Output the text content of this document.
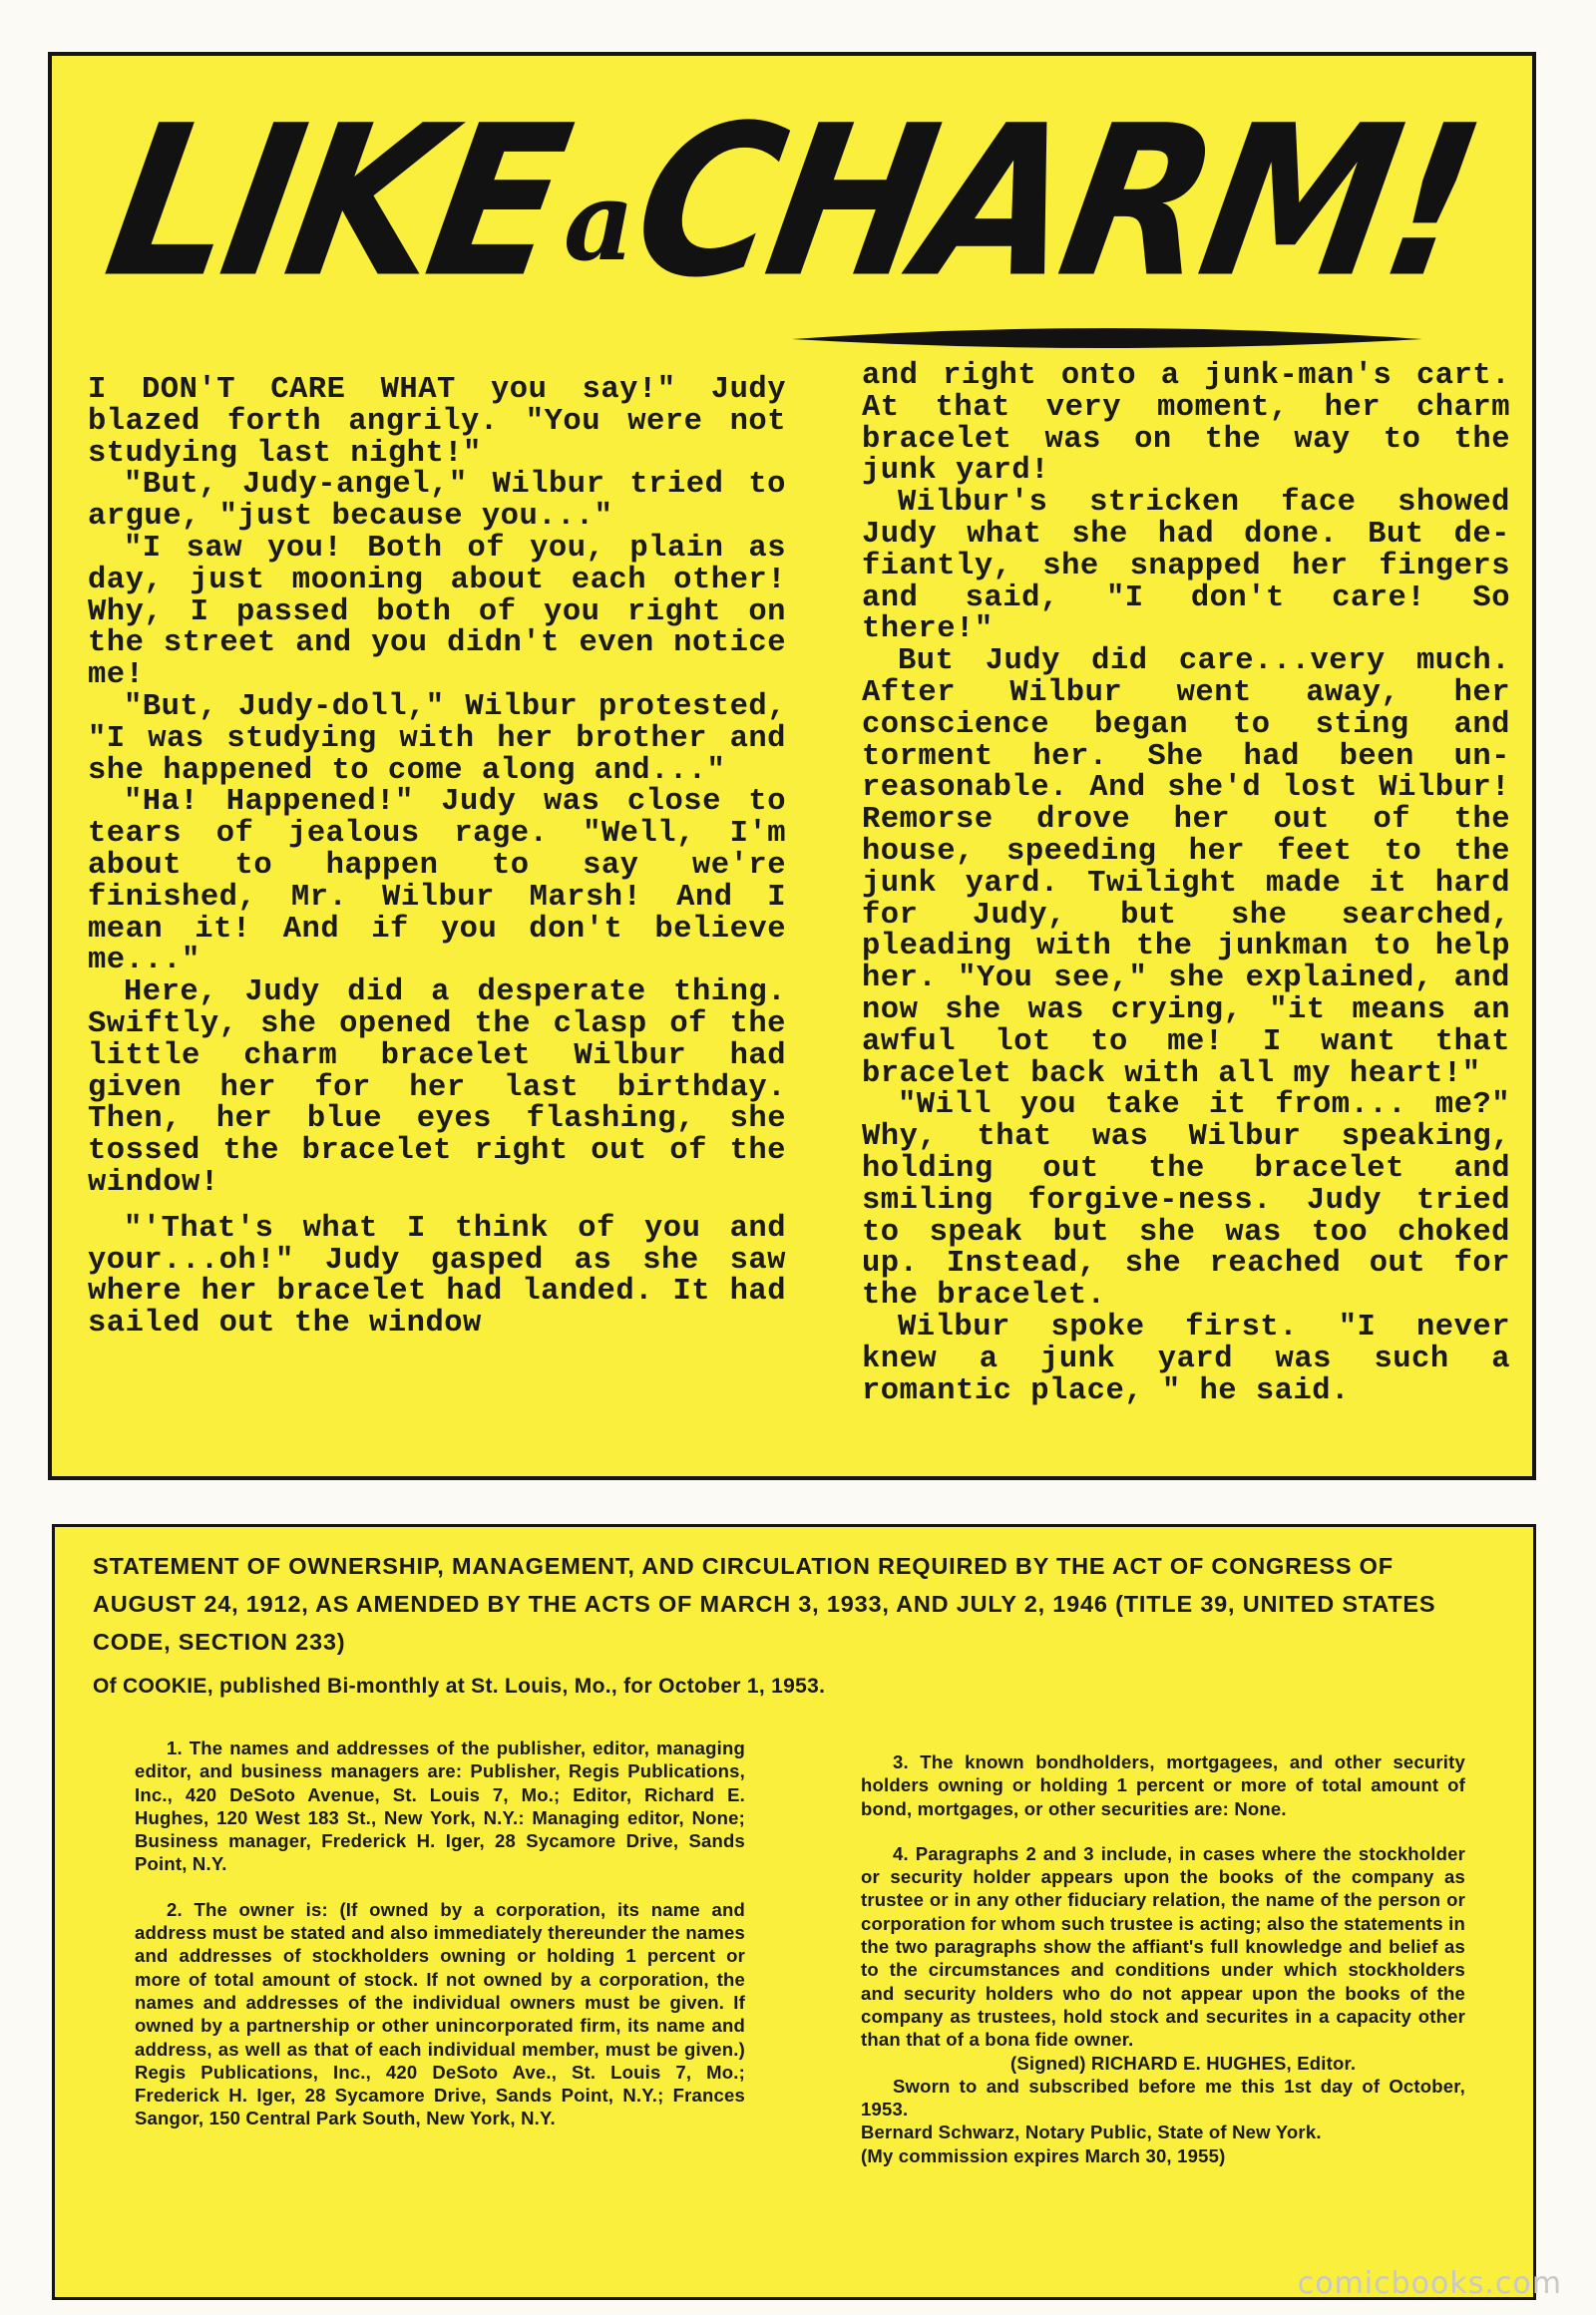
LIKEaCHARM!

I DON'T CARE WHAT you say!" Judy blazed forth angrily. "You were not studying last night!"

"But, Judy-angel," Wilbur tried to argue, "just because you..."

"I saw you! Both of you, plain as day, just mooning about each other! Why, I passed both of you right on the street and you didn't even notice me!

"But, Judy-doll," Wilbur protested, "I was studying with her brother and she happened to come along and..."

"Ha! Happened!" Judy was close to tears of jealous rage. "Well, I'm about to happen to say we're finished, Mr. Wilbur Marsh! And I mean it! And if you don't believe me..."

Here, Judy did a desperate thing. Swiftly, she opened the clasp of the little charm bracelet Wilbur had given her for her last birthday. Then, her blue eyes flashing, she tossed the bracelet right out of the window!

"'That's what I think of you and your...oh!" Judy gasped as she saw where her bracelet had landed. It had sailed out the window

and right onto a junk-man's cart. At that very moment, her charm bracelet was on the way to the junk yard!

Wilbur's stricken face showed Judy what she had done. But de-fiantly, she snapped her fingers and said, "I don't care! So there!"

But Judy did care...very much. After Wilbur went away, her conscience began to sting and torment her. She had been un-reasonable. And she'd lost Wilbur! Remorse drove her out of the house, speeding her feet to the junk yard. Twilight made it hard for Judy, but she searched, pleading with the junkman to help her. "You see," she explained, and now she was crying, "it means an awful lot to me! I want that bracelet back with all my heart!"

"Will you take it from... me?" Why, that was Wilbur speaking, holding out the bracelet and smiling forgive-ness. Judy tried to speak but she was too choked up. Instead, she reached out for the bracelet.

Wilbur spoke first. "I never knew a junk yard was such a romantic place, " he said.

STATEMENT OF OWNERSHIP, MANAGEMENT, AND CIRCULATION REQUIRED BY THE ACT OF CONGRESS OF AUGUST 24, 1912, AS AMENDED BY THE ACTS OF MARCH 3, 1933, AND JULY 2, 1946 (TITLE 39, UNITED STATES CODE, SECTION 233)
Of COOKIE, published Bi-monthly at St. Louis, Mo., for October 1, 1953.

1. The names and addresses of the publisher, editor, managing editor, and business managers are: Publisher, Regis Publications, Inc., 420 DeSoto Avenue, St. Louis 7, Mo.; Editor, Richard E. Hughes, 120 West 183 St., New York, N.Y.: Managing editor, None; Business manager, Frederick H. Iger, 28 Sycamore Drive, Sands Point, N.Y.

2. The owner is: (If owned by a corporation, its name and address must be stated and also immediately thereunder the names and addresses of stockholders owning or holding 1 percent or more of total amount of stock. If not owned by a corporation, the names and addresses of the individual owners must be given. If owned by a partnership or other unincorporated firm, its name and address, as well as that of each individual member, must be given.) Regis Publications, Inc., 420 DeSoto Ave., St. Louis 7, Mo.; Frederick H. Iger, 28 Sycamore Drive, Sands Point, N.Y.; Frances Sangor, 150 Central Park South, New York, N.Y.

3. The known bondholders, mortgagees, and other security holders owning or holding 1 percent or more of total amount of bond, mortgages, or other securities are: None.

4. Paragraphs 2 and 3 include, in cases where the stockholder or security holder appears upon the books of the company as trustee or in any other fiduciary relation, the name of the person or corporation for whom such trustee is acting; also the statements in the two paragraphs show the affiant's full knowledge and belief as to the circumstances and conditions under which stockholders and security holders who do not appear upon the books of the company as trustees, hold stock and securites in a capacity other than that of a bona fide owner.

(Signed) RICHARD E. HUGHES, Editor.

Sworn to and subscribed before me this 1st day of October, 1953.

Bernard Schwarz, Notary Public, State of New York.
(My commission expires March 30, 1955)
comicbooks.com
